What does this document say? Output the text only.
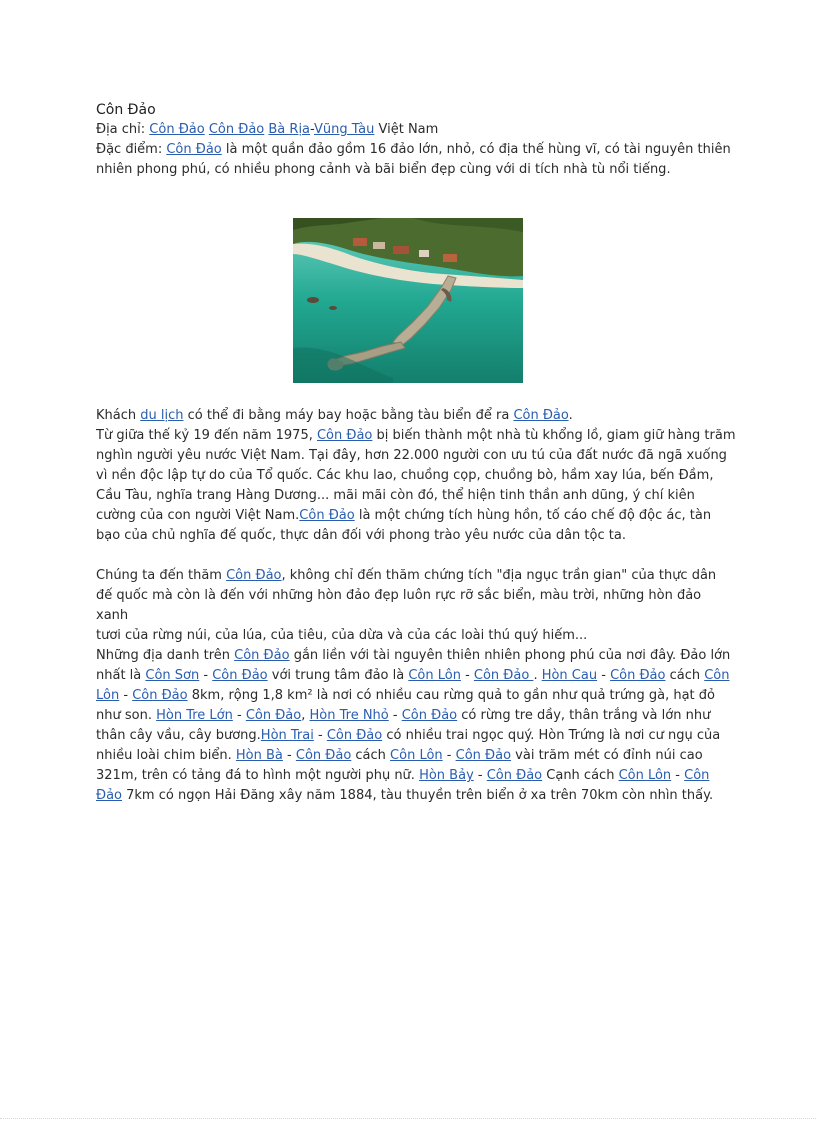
Côn Đảo

Địa chỉ: Côn Đảo Côn Đảo Bà Rịa-Vũng Tàu Việt Nam

Đặc điểm: Côn Đảo là một quần đảo gồm 16 đảo lớn, nhỏ, có địa thế hùng vĩ, có tài nguyên thiên nhiên phong phú, có nhiều phong cảnh và bãi biển đẹp cùng với di tích nhà tù nổi tiếng.

Khách du lịch có thể đi bằng máy bay hoặc bằng tàu biển để ra Côn Đảo.
Từ giữa thế kỷ 19 đến năm 1975, Côn Đảo bị biến thành một nhà tù khổng lồ, giam giữ hàng trăm nghìn người yêu nước Việt Nam. Tại đây, hơn 22.000 người con ưu tú của đất nước đã ngã xuống vì nền độc lập tự do của Tổ quốc. Các khu lao, chuồng cọp, chuồng bò, hầm xay lúa, bến Đầm, Cầu Tàu, nghĩa trang Hàng Dương... mãi mãi còn đó, thể hiện tinh thần anh dũng, ý chí kiên cường của con người Việt Nam.Côn Đảo là một chứng tích hùng hồn, tố cáo chế độ độc ác, tàn bạo của chủ nghĩa đế quốc, thực dân đối với phong trào yêu nước của dân tộc ta.

Chúng ta đến thăm Côn Đảo, không chỉ đến thăm chứng tích "địa ngục trần gian" của thực dân đế quốc mà còn là đến với những hòn đảo đẹp luôn rực rỡ sắc biển, màu trời, những hòn đảo xanh
tươi của rừng núi, của lúa, của tiêu, của dừa và của các loài thú quý hiếm...
Những địa danh trên Côn Đảo gắn liền với tài nguyên thiên nhiên phong phú của nơi đây. Đảo lớn nhất là Côn Sơn - Côn Đảo với trung tâm đảo là Côn Lôn - Côn Đảo . Hòn Cau - Côn Đảo cách Côn Lôn - Côn Đảo 8km, rộng 1,8 km² là nơi có nhiều cau rừng quả to gần như quả trứng gà, hạt đỏ như son. Hòn Tre Lớn - Côn Đảo, Hòn Tre Nhỏ - Côn Đảo có rừng tre dầy, thân trắng và lớn như thân cây vầu, cây bương.Hòn Trai - Côn Đảo có nhiều trai ngọc quý. Hòn Trứng là nơi cư ngụ của nhiều loài chim biển. Hòn Bà - Côn Đảo cách Côn Lôn - Côn Đảo vài trăm mét có đỉnh núi cao 321m, trên có tảng đá to hình một người phụ nữ. Hòn Bảy - Côn Đảo Cạnh cách Côn Lôn - Côn Đảo 7km có ngọn Hải Đăng xây năm 1884, tàu thuyền trên biển ở xa trên 70km còn nhìn thấy.
